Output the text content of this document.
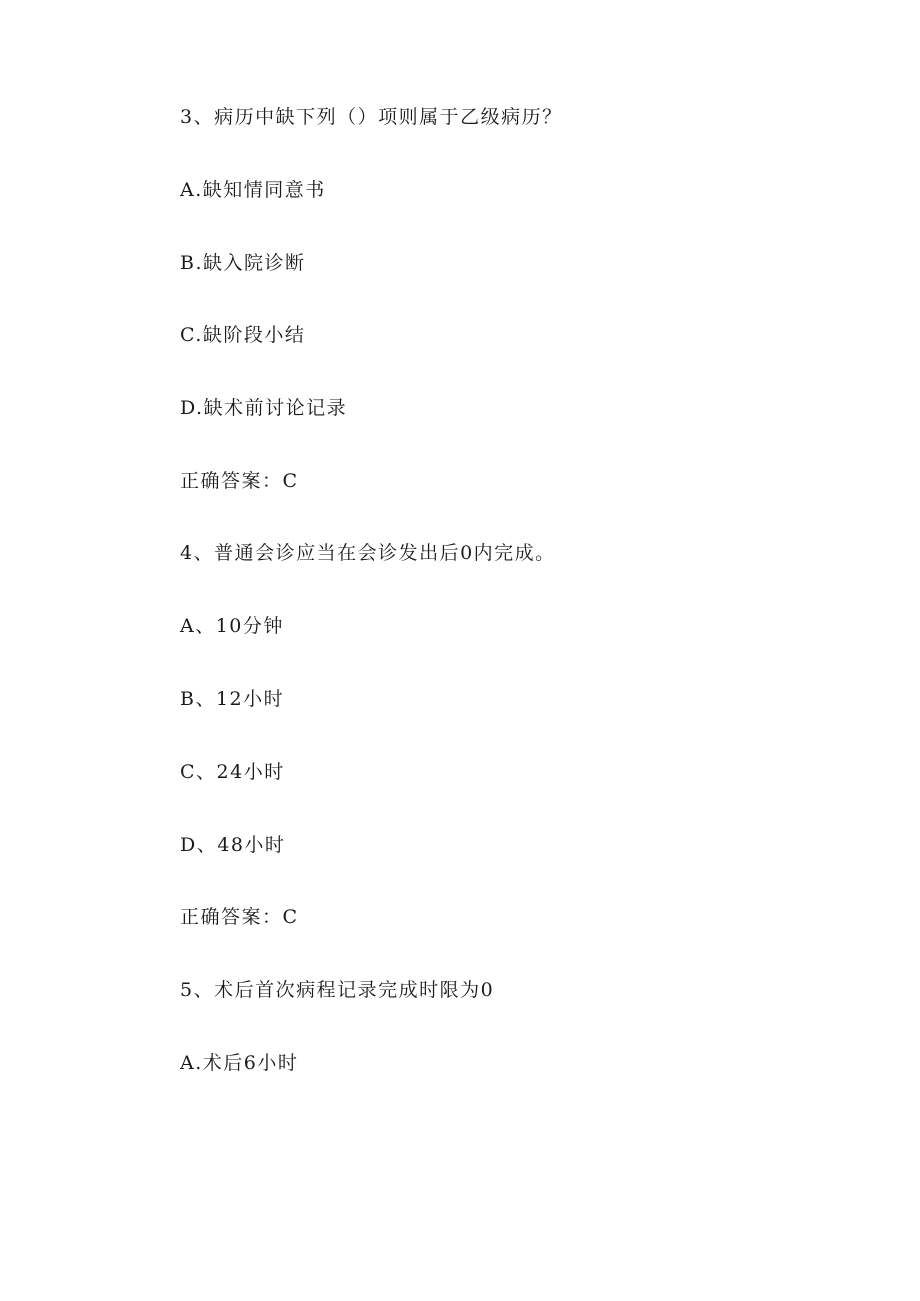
3、病历中缺下列（）项则属于乙级病历？
A.缺知情同意书
B.缺入院诊断
C.缺阶段小结
D.缺术前讨论记录
正确答案：C
4、普通会诊应当在会诊发出后0内完成。
A、10分钟
B、12小时
C、24小时
D、48小时
正确答案：C
5、术后首次病程记录完成时限为0
A.术后6小时
